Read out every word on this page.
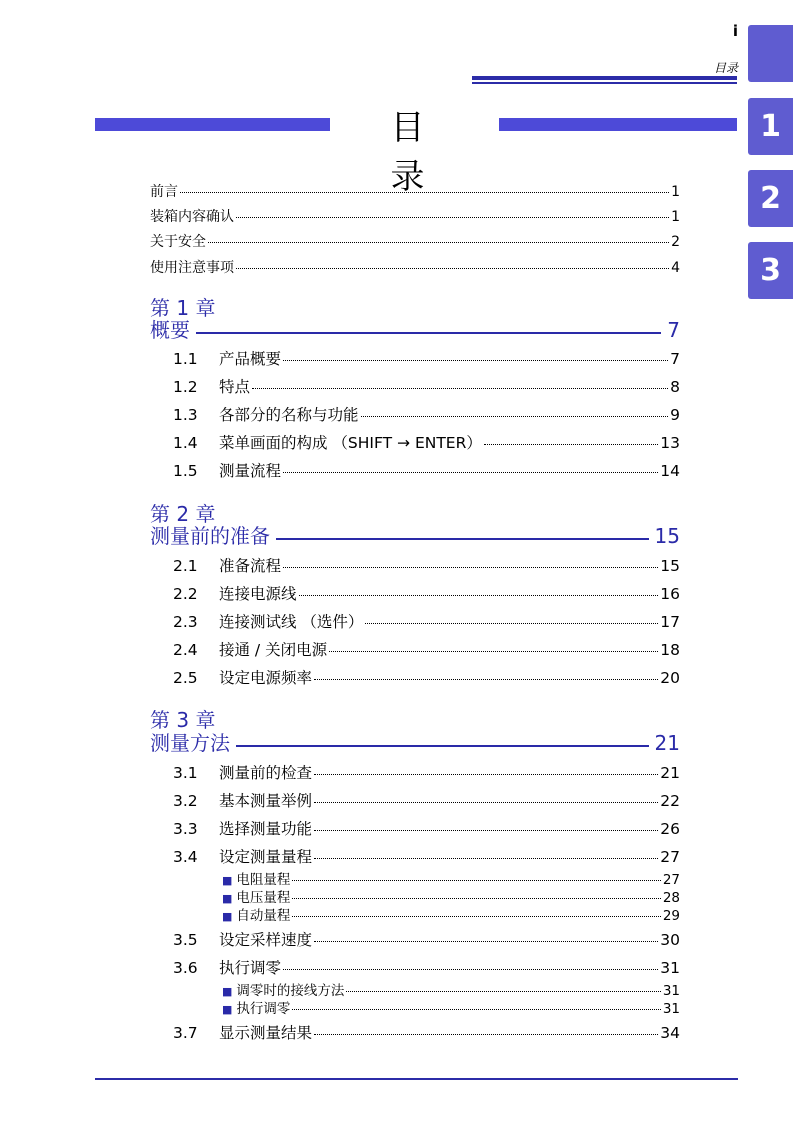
i
目录
1
2
3
目 录
前言	1
装箱内容确认	1
关于安全	2
使用注意事项	4
第 1 章
概要	7
1.1	产品概要	7
1.2	特点	8
1.3	各部分的名称与功能	9
1.4	菜单画面的构成 （SHIFT → ENTER）	13
1.5	测量流程	14
第 2 章
测量前的准备	15
2.1	准备流程	15
2.2	连接电源线	16
2.3	连接测试线 （选件）	17
2.4	接通 / 关闭电源	18
2.5	设定电源频率	20
第 3 章
测量方法	21
3.1	测量前的检查	21
3.2	基本测量举例	22
3.3	选择测量功能	26
3.4	设定测量量程	27
■ 电阻量程	27
■ 电压量程	28
■ 自动量程	29
3.5	设定采样速度	30
3.6	执行调零	31
■ 调零时的接线方法	31
■ 执行调零	31
3.7	显示测量结果	34
